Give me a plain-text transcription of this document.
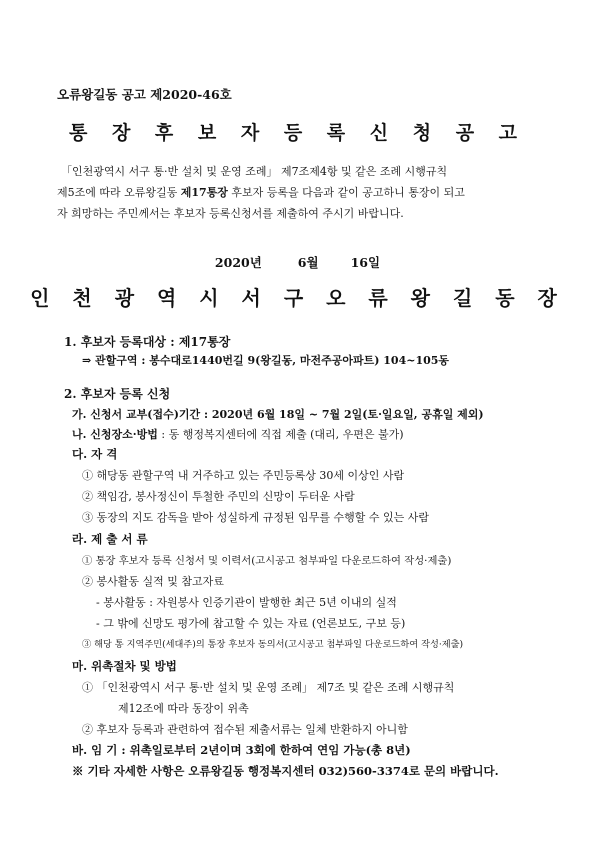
오류왕길동 공고 제2020-46호
통 장 후 보 자 등 록 신 청 공 고
「인천광역시 서구 통·반 설치 및 운영 조례」 제7조제4항 및 같은 조례 시행규칙
제5조에 따라 오류왕길동 제17통장 후보자 등록을 다음과 같이 공고하니 통장이 되고
자 희망하는 주민께서는 후보자 등록신청서를 제출하여 주시기 바랍니다.
2020년	6월	16일
인 천 광 역 시 서 구 오 류 왕 길 동 장
1. 후보자 등록대상 : 제17통장
⇒ 관할구역 : 봉수대로1440번길 9(왕길동, 마전주공아파트) 104~105동
2. 후보자 등록 신청
가. 신청서 교부(접수)기간 : 2020년 6월 18일 ~ 7월 2일(토·일요일, 공휴일 제외)
나. 신청장소·방법 : 동 행정복지센터에 직접 제출 (대리, 우편은 불가)
다. 자 격
① 해당동 관할구역 내 거주하고 있는 주민등록상 30세 이상인 사람
② 책임감, 봉사정신이 투철한 주민의 신망이 두터운 사람
③ 동장의 지도 감독을 받아 성실하게 규정된 임무를 수행할 수 있는 사람
라. 제 출 서 류
① 통장 후보자 등록 신청서 및 이력서(고시공고 첨부파일 다운로드하여 작성·제출)
② 봉사활동 실적 및 참고자료
- 봉사활동 : 자원봉사 인증기관이 발행한 최근 5년 이내의 실적
- 그 밖에 신망도 평가에 참고할 수 있는 자료 (언론보도, 구보 등)
③ 해당 통 지역주민(세대주)의 통장 후보자 동의서(고시공고 첨부파일 다운로드하여 작성·제출)
마. 위촉절차 및 방법
① 「인천광역시 서구 통·반 설치 및 운영 조례」 제7조 및 같은 조례 시행규칙
제12조에 따라 동장이 위촉
② 후보자 등록과 관련하여 접수된 제출서류는 일체 반환하지 아니함
바. 임 기 : 위촉일로부터 2년이며 3회에 한하여 연임 가능(총 8년)
※ 기타 자세한 사항은 오류왕길동 행정복지센터 032)560-3374로 문의 바랍니다.
